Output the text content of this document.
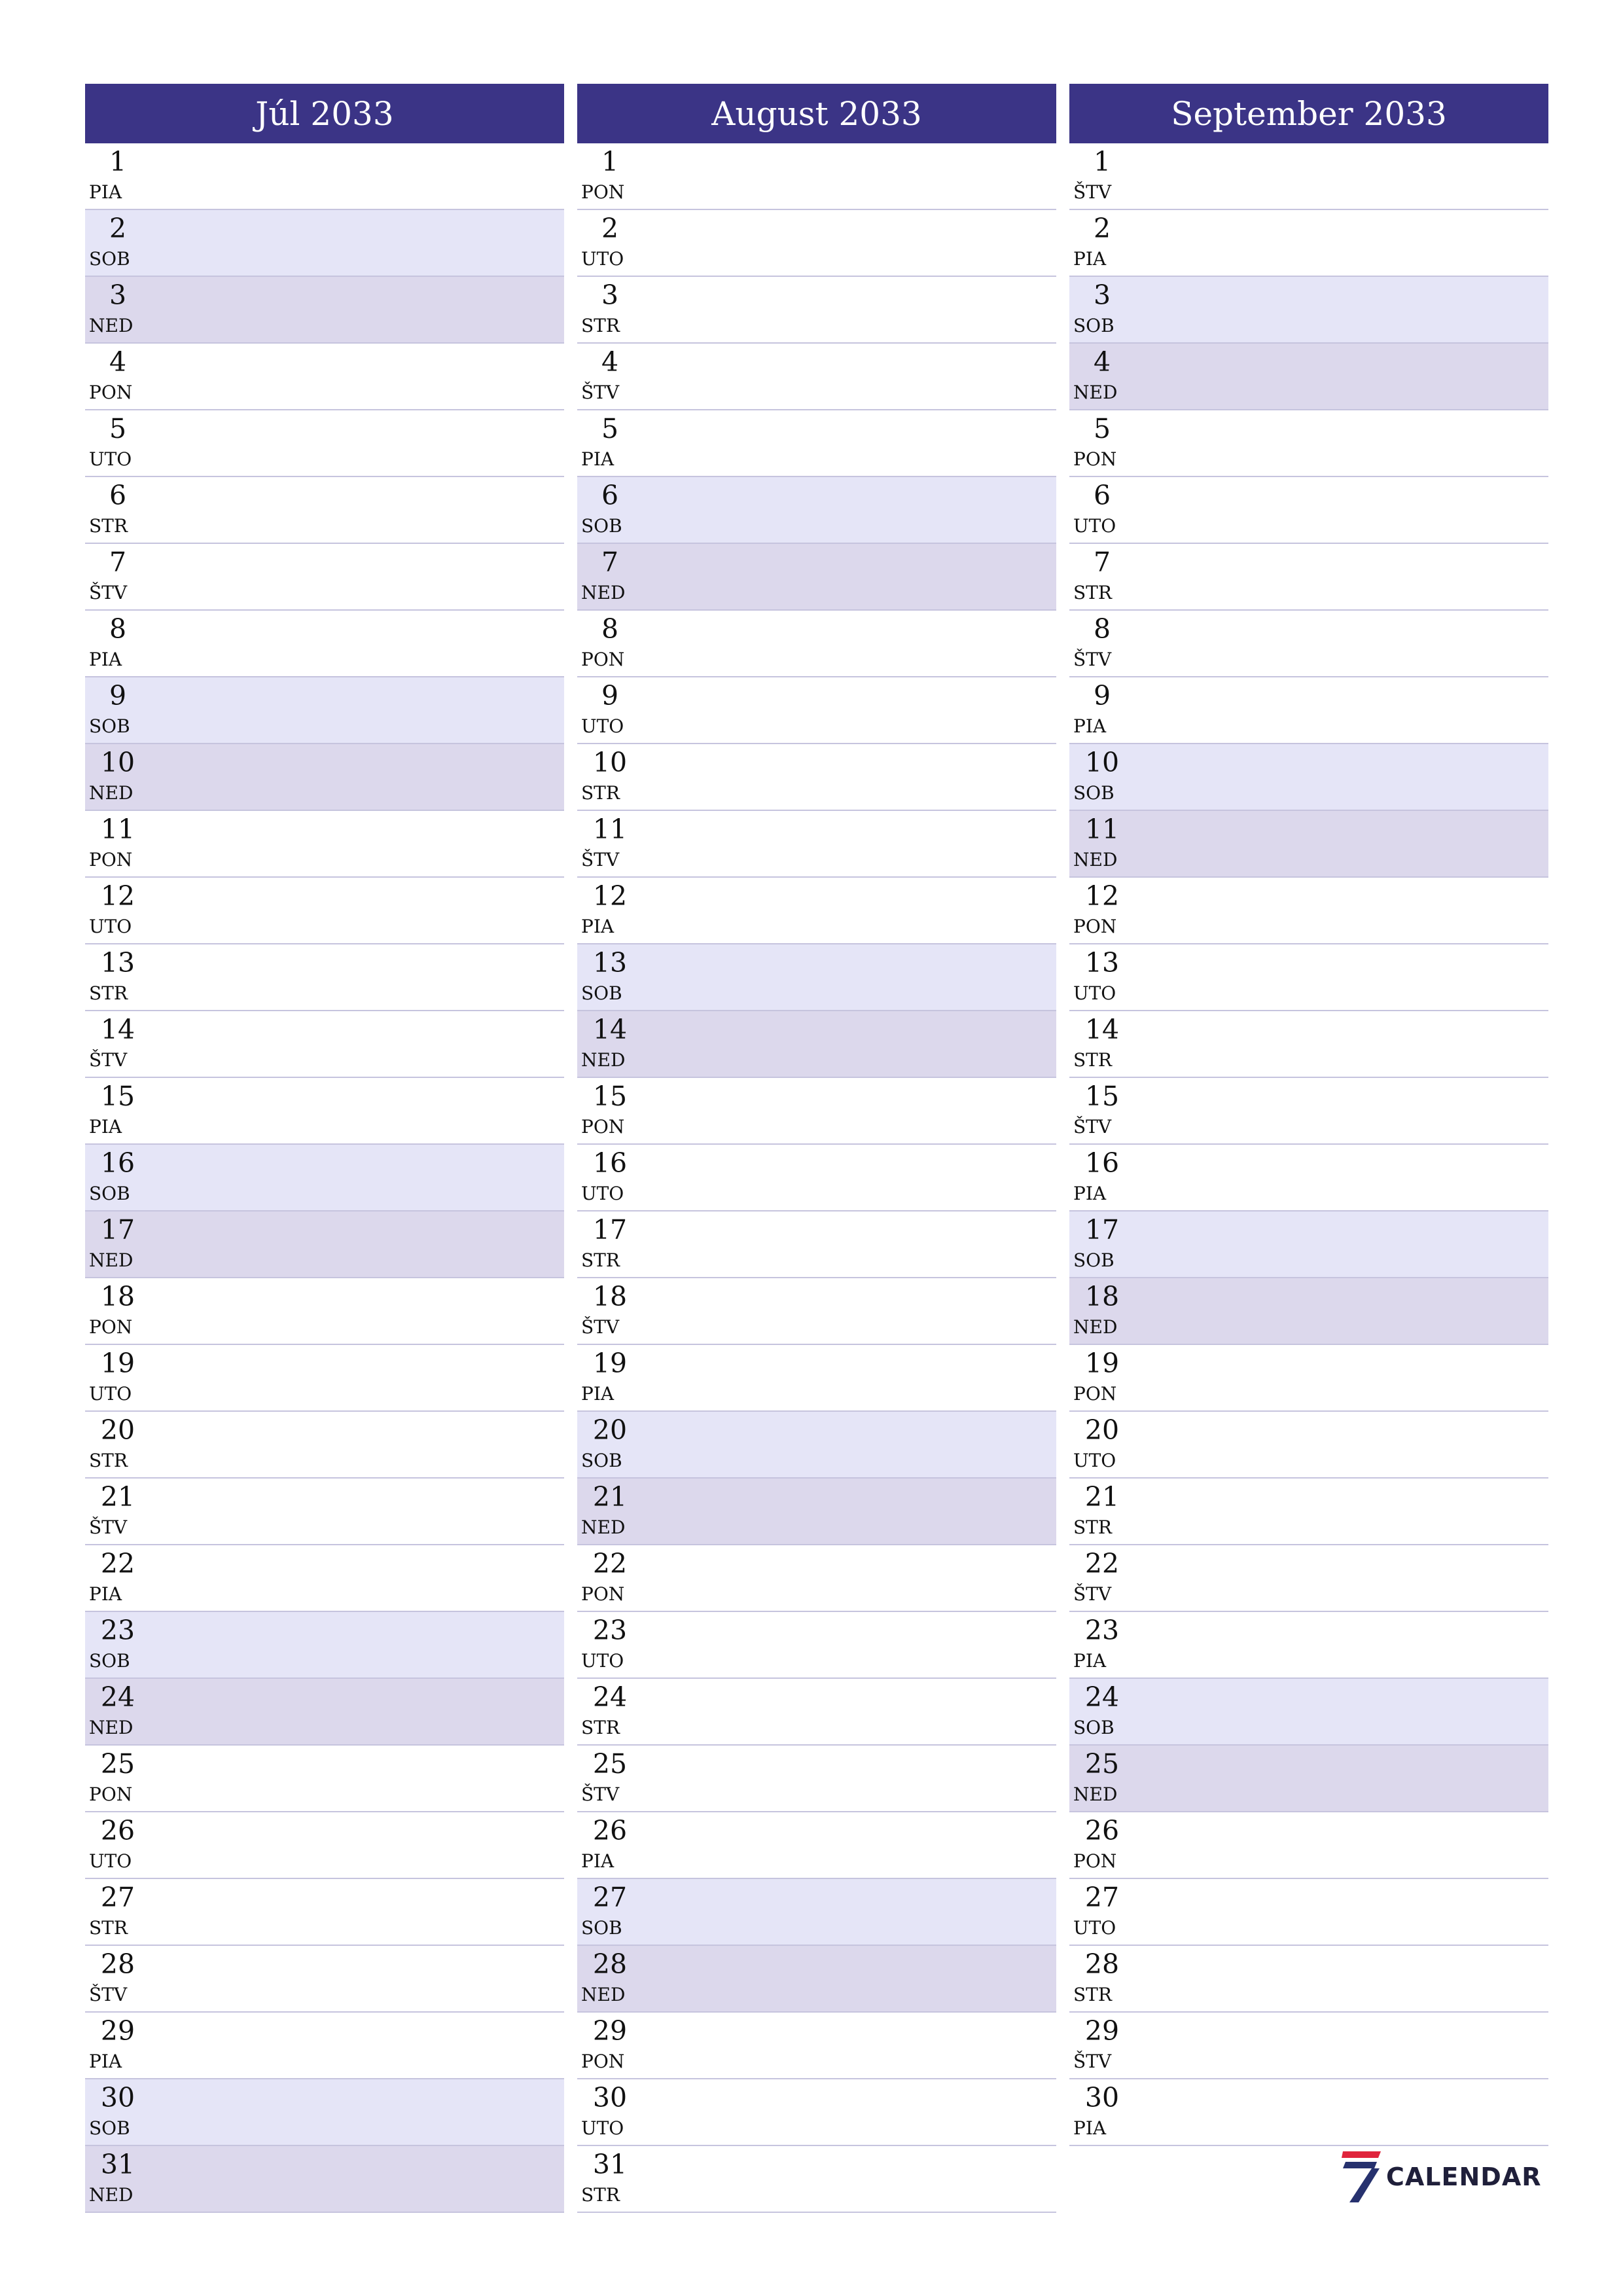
Júl 2033
1
PIA
2
SOB
3
NED
4
PON
5
UTO
6
STR
7
ŠTV
8
PIA
9
SOB
10
NED
11
PON
12
UTO
13
STR
14
ŠTV
15
PIA
16
SOB
17
NED
18
PON
19
UTO
20
STR
21
ŠTV
22
PIA
23
SOB
24
NED
25
PON
26
UTO
27
STR
28
ŠTV
29
PIA
30
SOB
31
NED
August 2033
1
PON
2
UTO
3
STR
4
ŠTV
5
PIA
6
SOB
7
NED
8
PON
9
UTO
10
STR
11
ŠTV
12
PIA
13
SOB
14
NED
15
PON
16
UTO
17
STR
18
ŠTV
19
PIA
20
SOB
21
NED
22
PON
23
UTO
24
STR
25
ŠTV
26
PIA
27
SOB
28
NED
29
PON
30
UTO
31
STR
September 2033
1
ŠTV
2
PIA
3
SOB
4
NED
5
PON
6
UTO
7
STR
8
ŠTV
9
PIA
10
SOB
11
NED
12
PON
13
UTO
14
STR
15
ŠTV
16
PIA
17
SOB
18
NED
19
PON
20
UTO
21
STR
22
ŠTV
23
PIA
24
SOB
25
NED
26
PON
27
UTO
28
STR
29
ŠTV
30
PIA
CALENDAR
